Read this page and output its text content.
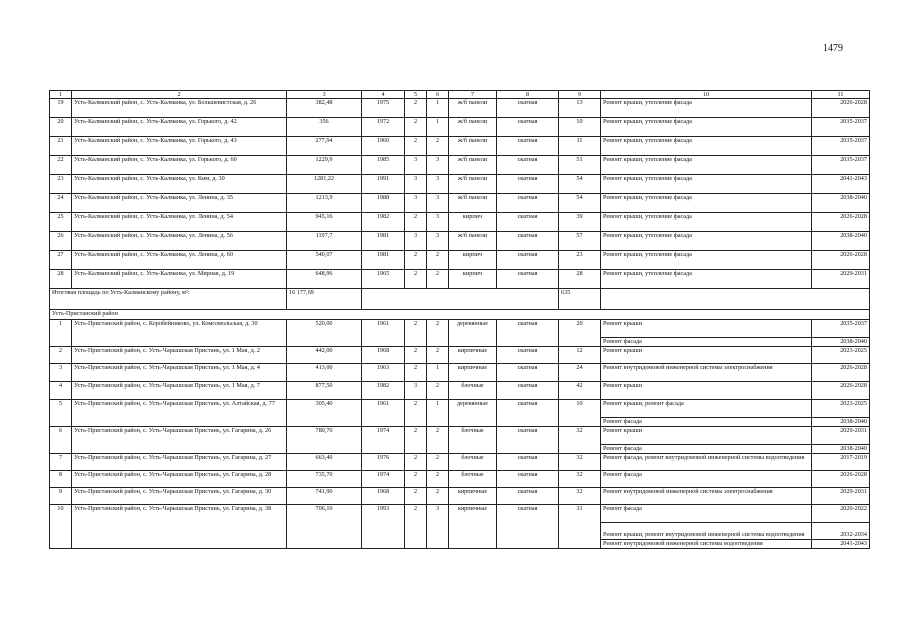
1479
1	2	3	4	5	6	7	8	9	10	11
19	Усть-Калманский район, с. Усть-Калманка, ул. Большевистская, д. 26	382,48	1975	2	1	ж/б панели	скатная	13	Ремонт крыши, утепление фасада	2026-2028
20	Усть-Калманский район, с. Усть-Калманка, ул. Горького, д. 42	356	1972	2	1	ж/б панели	скатная	10	Ремонт крыши, утепление фасада	2035-2037
21	Усть-Калманский район, с. Усть-Калманка, ул. Горького, д. 43	277,94	1960	2	2	ж/б панели	скатная	11	Ремонт крыши, утепление фасада	2035-2037
22	Усть-Калманский район, с. Усть-Калманка, ул. Горького, д. 60	1229,9	1985	3	3	ж/б панели	скатная	51	Ремонт крыши, утепление фасада	2035-2037
23	Усть-Калманский район, с. Усть-Калманка, ул. Ким, д. 30	1281,22	1991	3	3	ж/б панели	скатная	54	Ремонт крыши, утепление фасада	2041-2043
24	Усть-Калманский район, с. Усть-Калманка, ул. Ленина, д. 35	1213,9	1988	3	3	ж/б панели	скатная	54	Ремонт крыши, утепление фасада	2038-2040
25	Усть-Калманский район, с. Усть-Калманка, ул. Ленина, д. 54	945,16	1982	2	3	кирпич	скатная	39	Ремонт крыши, утепление фасада	2026-2028
26	Усть-Калманский район, с. Усть-Калманка, ул. Ленина, д. 56	1197,7	1981	3	3	ж/б панели	скатная	57	Ремонт крыши, утепление фасада	2038-2040
27	Усть-Калманский район, с. Усть-Калманка, ул. Ленина, д. 60	540,07	1981	2	2	кирпич	скатная	23	Ремонт крыши, утепление фасада	2026-2028
28	Усть-Калманский район, с. Усть-Калманка, ул. Мирная, д. 19	648,96	1965	2	2	кирпич	скатная	28	Ремонт крыши, утепление фасада	2029-2031
Итоговая площадь по Усть-Калманскому району, м²:		16 177,69						635		
Усть-Пристанский район										
1	Усть-Пристанский район, с. Коробейниково, ул. Комсомольская, д. 30	520,00	1961	2	2	деревянные	скатная	20	Ремонт крыши	2035-2037
									Ремонт фасада	2038-2040
2	Усть-Пристанский район, с. Усть-Чарышская Пристань, ул. 1 Мая, д. 2	442,00	1968	2	2	кирпичные	скатная	12	Ремонт крыши	2023-2025
3	Усть-Пристанский район, с. Усть-Чарышская Пристань, ул. 1 Мая, д. 4	413,00	1963	2	1	кирпичные	скатная	24	Ремонт внутридомовой инженерной системы электроснабжения	2026-2028
4	Усть-Пристанский район, с. Усть-Чарышская Пристань, ул. 1 Мая, д. 7	877,50	1982	3	2	блочные	скатная	42	Ремонт крыши	2026-2028
5	Усть-Пристанский район, с. Усть-Чарышская Пристань, ул. Алтайская, д. 77	305,40	1961	2	1	деревянные	скатная	10	Ремонт крыши, ремонт фасада	2023-2025
									Ремонт фасада	2038-2040
6	Усть-Пристанский район, с. Усть-Чарышская Пристань, ул. Гагарина, д. 26	780,70	1974	2	2	блочные	скатная	32	Ремонт крыши	2029-2031
									Ремонт фасада	2038-2040
7	Усть-Пристанский район, с. Усть-Чарышская Пристань, ул. Гагарина, д. 27	663,40	1976	2	2	блочные	скатная	32	Ремонт фасада, ремонт внутридомовой инженерной системы водоотведения	2017-2019
8	Усть-Пристанский район, с. Усть-Чарышская Пристань, ул. Гагарина, д. 28	735,70	1974	2	2	блочные	скатная	32	Ремонт фасада	2026-2028
9	Усть-Пристанский район, с. Усть-Чарышская Пристань, ул. Гагарина, д. 30	741,90	1968	2	2	кирпичные	скатная	32	Ремонт внутридомовой инженерной системы электроснабжения	2029-2031
10	Усть-Пристанский район, с. Усть-Чарышская Пристань, ул. Гагарина, д. 38	706,10	1993	2	3	кирпичные	скатная	31	Ремонт фасада	2020-2022
									Ремонт крыши, ремонт внутридомовой инженерной системы водоотведения	2032-2034
									Ремонт внутридомовой инженерной системы водоотведения	2041-2043
